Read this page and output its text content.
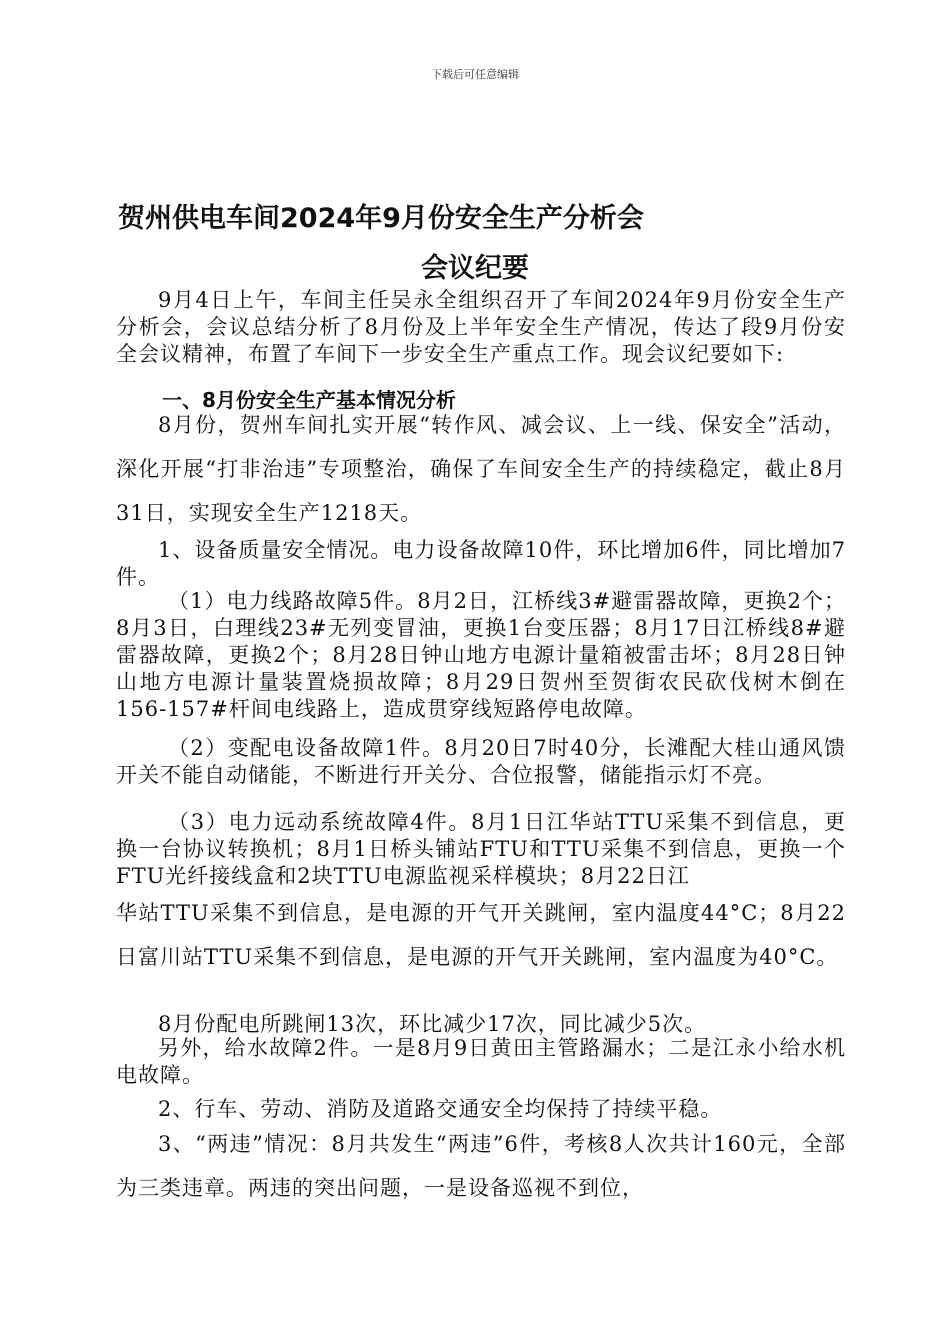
下载后可任意编辑
贺州供电车间2024年9月份安全生产分析会
会议纪要
9月4日上午，车间主任吴永全组织召开了车间2024年9月份安全生产分析会，会议总结分析了8月份及上半年安全生产情况，传达了段9月份安全会议精神，布置了车间下一步安全生产重点工作。现会议纪要如下:
一、8月份安全生产基本情况分析
8月份，贺州车间扎实开展“转作风、减会议、上一线、保安全”活动，深化开展“打非治违”专项整治，确保了车间安全生产的持续稳定，截止8月31日，实现安全生产1218天。
1、设备质量安全情况。电力设备故障10件，环比增加6件，同比增加7件。
（1）电力线路故障5件。8月2日，江桥线3#避雷器故障，更换2个；8月3日，白理线23#无列变冒油，更换1台变压器；8月17日江桥线8#避雷器故障，更换2个；8月28日钟山地方电源计量箱被雷击坏；8月28日钟山地方电源计量装置烧损故障；8月29日贺州至贺街农民砍伐树木倒在156-157#杆间电线路上，造成贯穿线短路停电故障。
（2）变配电设备故障1件。8月20日7时40分，长滩配大桂山通风馈开关不能自动储能，不断进行开关分、合位报警，储能指示灯不亮。
（3）电力远动系统故障4件。8月1日江华站TTU采集不到信息，更换一台协议转换机；8月1日桥头铺站FTU和TTU采集不到信息，更换一个FTU光纤接线盒和2块TTU电源监视采样模块；8月22日江
华站TTU采集不到信息，是电源的开气开关跳闸，室内温度44°C；8月22日富川站TTU采集不到信息，是电源的开气开关跳闸，室内温度为40°C。
8月份配电所跳闸13次，环比减少17次，同比减少5次。
另外，给水故障2件。一是8月9日黄田主管路漏水；二是江永小给水机电故障。
2、行车、劳动、消防及道路交通安全均保持了持续平稳。
3、“两违”情况：8月共发生“两违”6件，考核8人次共计160元，全部为三类违章。两违的突出问题，一是设备巡视不到位，
